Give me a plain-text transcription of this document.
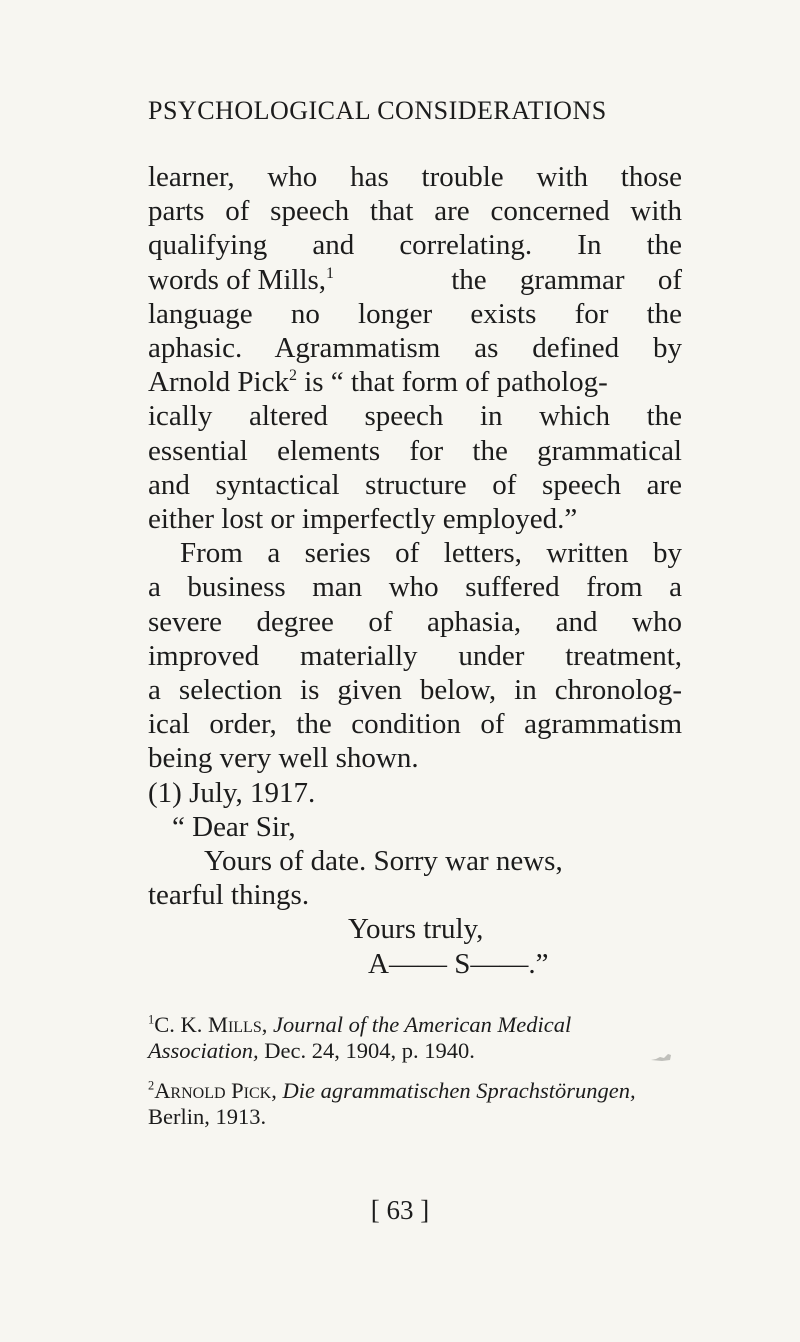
PSYCHOLOGICAL CONSIDERATIONS
learner, who has trouble with those
parts of speech that are concerned with
qualifying and correlating. In the
words of Mills,$^1$	the grammar of
language no longer exists for the
aphasic. Agrammatism as defined by
Arnold Pick$^2$ is “ that form of patholog-
ically altered speech in which the
essential elements for the grammatical
and syntactical structure of speech are
either lost or imperfectly employed.”
From a series of letters, written by
a business man who suffered from a
severe degree of aphasia, and who
improved materially under treatment,
a selection is given below, in chronolog-
ical order, the condition of agrammatism
being very well shown.
(1) July, 1917.
“ Dear Sir,
Yours of date. Sorry war news,
tearful things.
Yours truly,
A—— S——.”
$^1$C. K. Mills, Journal of the American Medical Association, Dec. 24, 1904, p. 1940.
$^2$Arnold Pick, Die agrammatischen Sprachstörungen, Berlin, 1913.
[ 63 ]
